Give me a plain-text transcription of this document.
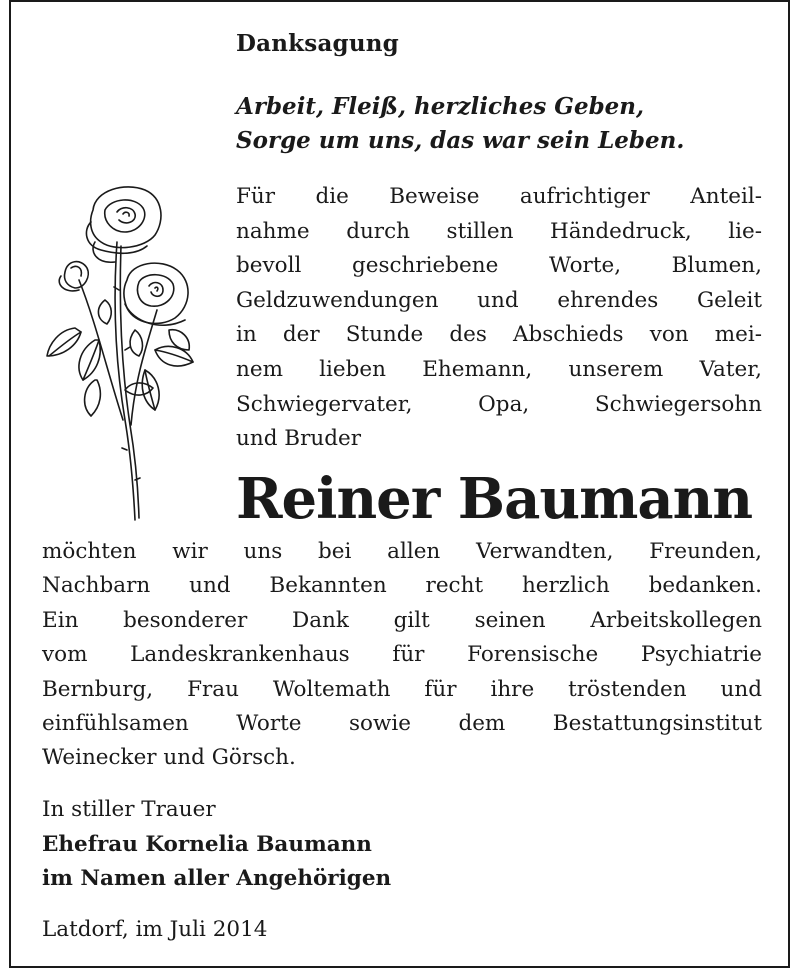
Danksagung
Arbeit, Fleiß, herzliches Geben,
Sorge um uns, das war sein Leben.
Für die Beweise aufrichtiger Anteil-
nahme durch stillen Händedruck, lie-
bevoll geschriebene Worte, Blumen,
Geldzuwendungen und ehrendes Geleit
in der Stunde des Abschieds von mei-
nem lieben Ehemann, unserem Vater,
Schwiegervater, Opa, Schwiegersohn
und Bruder
Reiner Baumann
möchten wir uns bei allen Verwandten, Freunden,
Nachbarn und Bekannten recht herzlich bedanken.
Ein besonderer Dank gilt seinen Arbeitskollegen
vom Landeskrankenhaus für Forensische Psychiatrie
Bernburg, Frau Woltemath für ihre tröstenden und
einfühlsamen Worte sowie dem Bestattungsinstitut
Weinecker und Görsch.
In stiller Trauer
Ehefrau Kornelia Baumann
im Namen aller Angehörigen
Latdorf, im Juli 2014
